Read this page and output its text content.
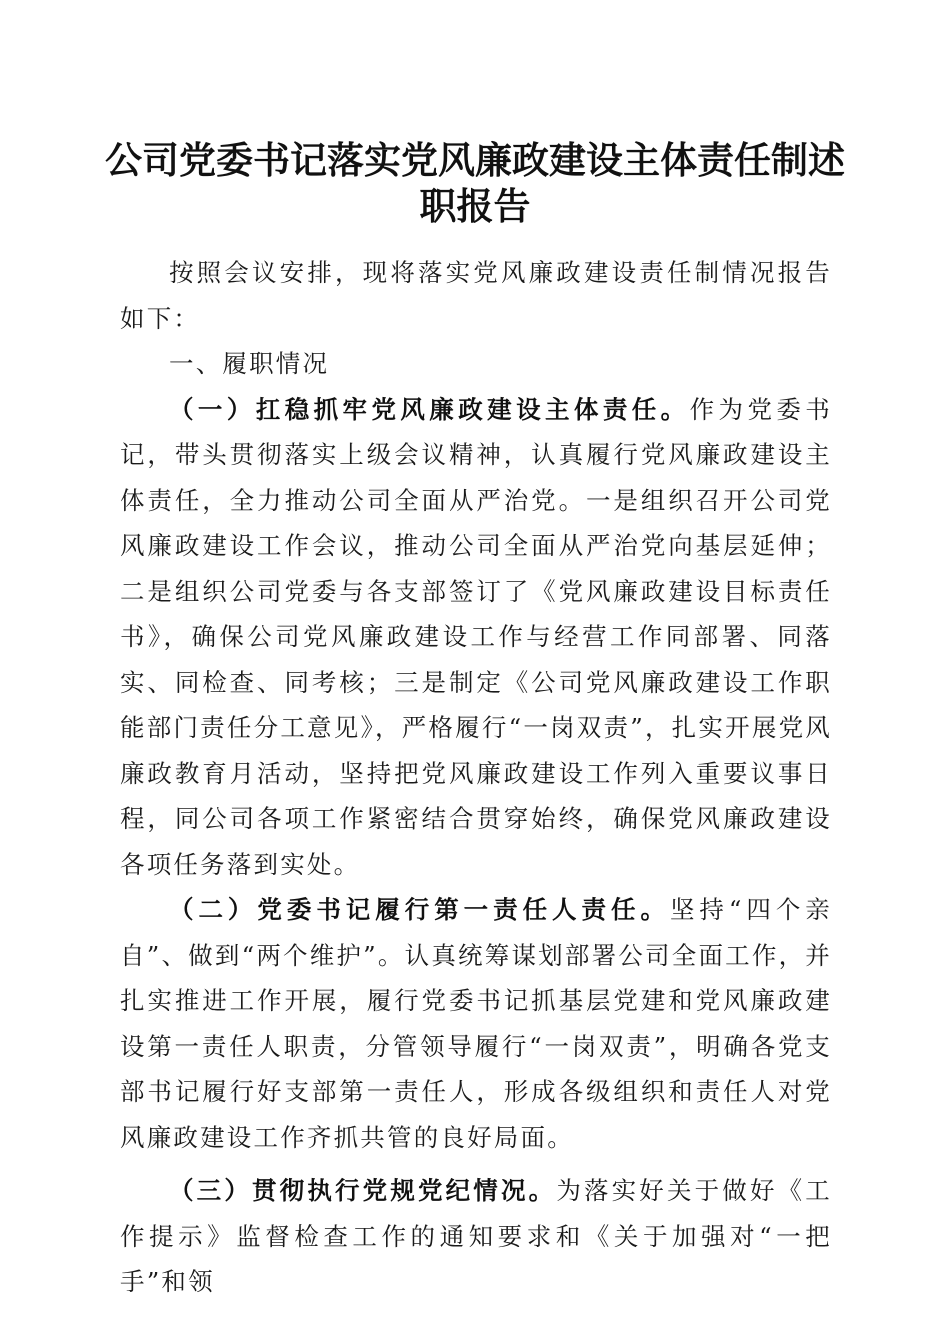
公司党委书记落实党风廉政建设主体责任制述
职报告

按照会议安排，现将落实党风廉政建设责任制情况报告如下：

一、履职情况

（一）扛稳抓牢党风廉政建设主体责任。作为党委书记，带头贯彻落实上级会议精神，认真履行党风廉政建设主体责任，全力推动公司全面从严治党。一是组织召开公司党风廉政建设工作会议，推动公司全面从严治党向基层延伸；二是组织公司党委与各支部签订了《党风廉政建设目标责任书》，确保公司党风廉政建设工作与经营工作同部署、同落实、同检查、同考核；三是制定《公司党风廉政建设工作职能部门责任分工意见》，严格履行“一岗双责”，扎实开展党风廉政教育月活动，坚持把党风廉政建设工作列入重要议事日程，同公司各项工作紧密结合贯穿始终，确保党风廉政建设各项任务落到实处。

（二）党委书记履行第一责任人责任。坚持“四个亲自”、做到“两个维护”。认真统筹谋划部署公司全面工作，并扎实推进工作开展，履行党委书记抓基层党建和党风廉政建设第一责任人职责，分管领导履行“一岗双责”，明确各党支部书记履行好支部第一责任人，形成各级组织和责任人对党风廉政建设工作齐抓共管的良好局面。

（三）贯彻执行党规党纪情况。为落实好关于做好《工作提示》监督检查工作的通知要求和《关于加强对“一把手”和领
